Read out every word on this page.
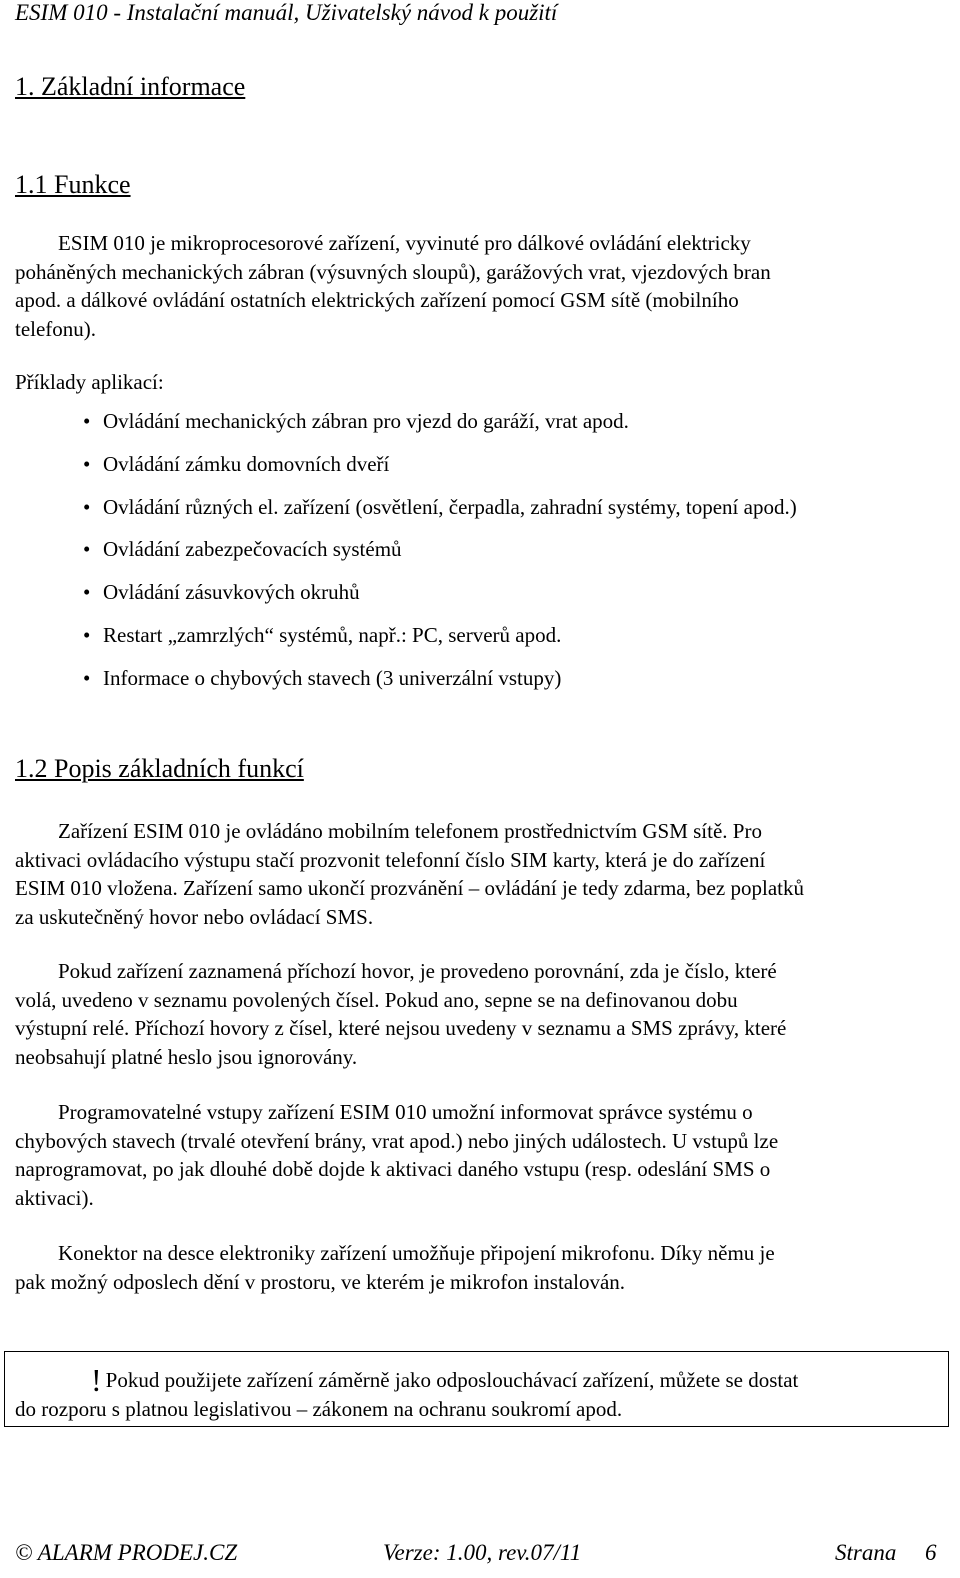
ESIM 010 - Instalační manuál, Uživatelský návod k použití
1. Základní informace
1.1 Funkce
ESIM 010 je mikroprocesorové zařízení, vyvinuté pro dálkové ovládání elektricky
poháněných mechanických zábran (výsuvných sloupů), garážových vrat, vjezdových bran
apod. a dálkové ovládání ostatních elektrických zařízení pomocí GSM sítě (mobilního
telefonu).
Příklady aplikací:
• Ovládání mechanických zábran pro vjezd do garáží, vrat apod.
• Ovládání zámku domovních dveří
• Ovládání různých el. zařízení (osvětlení, čerpadla, zahradní systémy, topení apod.)
• Ovládání zabezpečovacích systémů
• Ovládání zásuvkových okruhů
• Restart „zamrzlých“ systémů, např.: PC, serverů apod.
• Informace o chybových stavech (3 univerzální vstupy)
1.2 Popis základních funkcí
Zařízení ESIM 010 je ovládáno mobilním telefonem prostřednictvím GSM sítě. Pro
aktivaci ovládacího výstupu stačí prozvonit telefonní číslo SIM karty, která je do zařízení
ESIM 010 vložena. Zařízení samo ukončí prozvánění – ovládání je tedy zdarma, bez poplatků
za uskutečněný hovor nebo ovládací SMS.
Pokud zařízení zaznamená příchozí hovor, je provedeno porovnání, zda je číslo, které
volá, uvedeno v seznamu povolených čísel. Pokud ano, sepne se na definovanou dobu
výstupní relé. Příchozí hovory z čísel, které nejsou uvedeny v seznamu a SMS zprávy, které
neobsahují platné heslo jsou ignorovány.
Programovatelné vstupy zařízení ESIM 010 umožní informovat správce systému o
chybových stavech (trvalé otevření brány, vrat apod.) nebo jiných událostech. U vstupů lze
naprogramovat, po jak dlouhé době dojde k aktivaci daného vstupu (resp. odeslání SMS o
aktivaci).
Konektor na desce elektroniky zařízení umožňuje připojení mikrofonu. Díky němu je
pak možný odposlech dění v prostoru, ve kterém je mikrofon instalován.
! Pokud použijete zařízení záměrně jako odposlouchávací zařízení, můžete se dostat
do rozporu s platnou legislativou – zákonem na ochranu soukromí apod.
© ALARM PRODEJ.CZ	Verze: 1.00, rev.07/11	Strana 6
